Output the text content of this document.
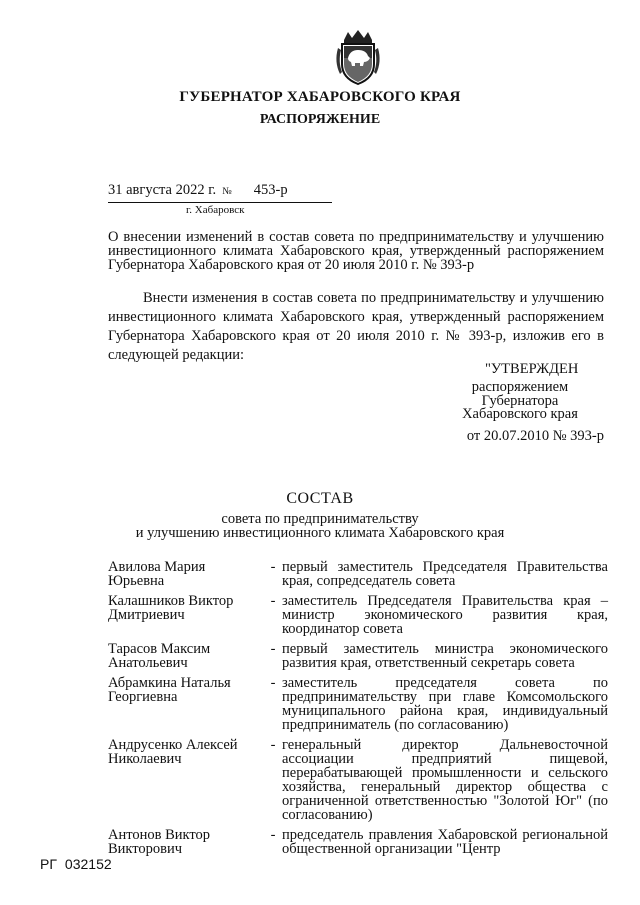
ГУБЕРНАТОР ХАБАРОВСКОГО КРАЯ
РАСПОРЯЖЕНИЕ
31 августа 2022 г. № 453-р
г. Хабаровск
О внесении изменений в состав совета по предпринимательству и улучшению инвестиционного климата Хабаровского края, утвержденный распоряжением Губернатора Хабаровского края от 20 июля 2010 г. № 393-р
Внести изменения в состав совета по предпринимательству и улучшению инвестиционного климата Хабаровского края, утвержденный распоряжением Губернатора Хабаровского края от 20 июля 2010 г. № 393-р, изложив его в следующей редакции:
"УТВЕРЖДЕН
распоряжением
Губернатора
Хабаровского края
от 20.07.2010 № 393-р
СОСТАВ
совета по предпринимательству
и улучшению инвестиционного климата Хабаровского края
Авилова Мария Юрьевна
- первый заместитель Председателя Правительства края, сопредседатель совета
Калашников Виктор Дмитриевич
- заместитель Председателя Правительства края – министр экономического развития края, координатор совета
Тарасов Максим Анатольевич
- первый заместитель министра экономического развития края, ответственный секретарь совета
Абрамкина Наталья Георгиевна
- заместитель председателя совета по предпринимательству при главе Комсомольского муниципального района края, индивидуальный предприниматель (по согласованию)
Андрусенко Алексей Николаевич
- генеральный директор Дальневосточной ассоциации предприятий пищевой, перерабатывающей промышленности и сельского хозяйства, генеральный директор общества с ограниченной ответственностью "Золотой Юг" (по согласованию)
Антонов Виктор Викторович
- председатель правления Хабаровской региональной общественной организации "Центр
РГ 032152
